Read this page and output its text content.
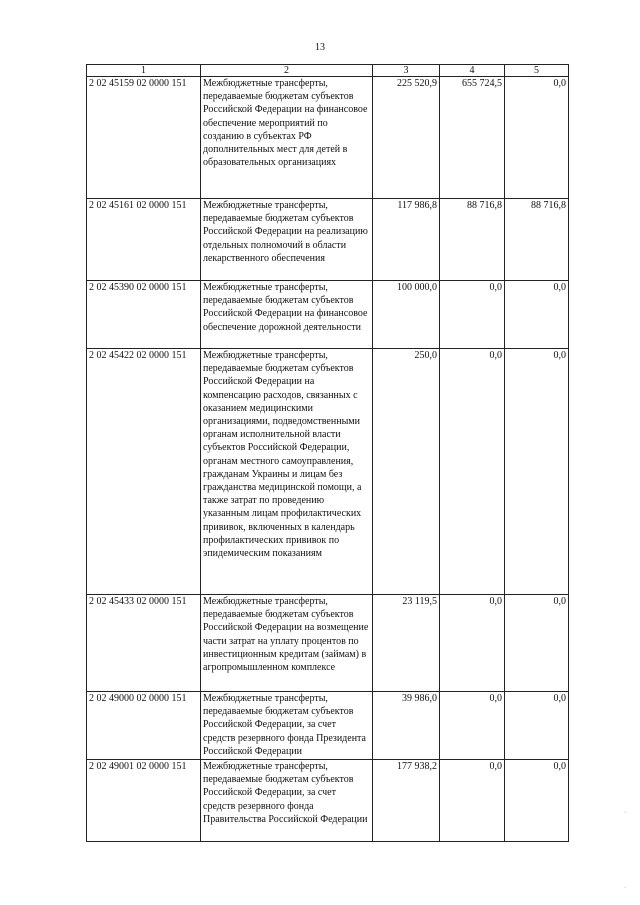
13
1	2	3	4	5
2 02 45159 02 0000 151	Межбюджетные трансферты, передаваемые бюджетам субъектов Российской Федерации на финансовое обеспечение мероприятий по созданию в субъектах РФ дополнительных мест для детей в образовательных организациях	225 520,9	655 724,5	0,0
2 02 45161 02 0000 151	Межбюджетные трансферты, передаваемые бюджетам субъектов Российской Федерации на реализацию отдельных полномочий в области лекарственного обеспечения	117 986,8	88 716,8	88 716,8
2 02 45390 02 0000 151	Межбюджетные трансферты, передаваемые бюджетам субъектов Российской Федерации на финансовое обеспечение дорожной деятельности	100 000,0	0,0	0,0
2 02 45422 02 0000 151	Межбюджетные трансферты, передаваемые бюджетам субъектов Российской Федерации на компенсацию расходов, связанных с оказанием медицинскими организациями, подведомственными органам исполнительной власти субъектов Российской Федерации, органам местного самоуправления, гражданам Украины и лицам без гражданства медицинской помощи, а также затрат по проведению указанным лицам профилактических прививок, включенных в календарь профилактических прививок по эпидемическим показаниям	250,0	0,0	0,0
2 02 45433 02 0000 151	Межбюджетные трансферты, передаваемые бюджетам субъектов Российской Федерации на возмещение части затрат на уплату процентов по инвестиционным кредитам (займам) в агропромышленном комплексе	23 119,5	0,0	0,0
2 02 49000 02 0000 151	Межбюджетные трансферты, передаваемые бюджетам субъектов Российской Федерации, за счет средств резервного фонда Президента Российской Федерации	39 986,0	0,0	0,0
2 02 49001 02 0000 151	Межбюджетные трансферты, передаваемые бюджетам субъектов Российской Федерации, за счет средств резервного фонда Правительства Российской Федерации	177 938,2	0,0	0,0
·
·
